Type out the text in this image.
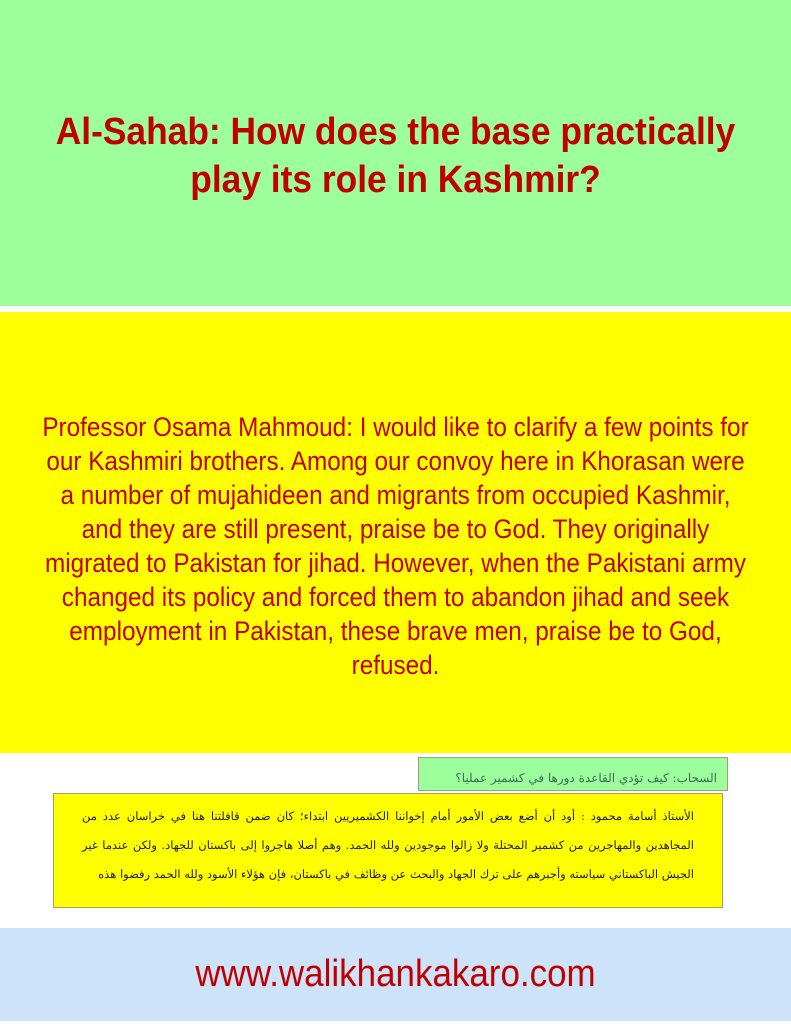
Al-Sahab: How does the base practically play its role in Kashmir?

Professor Osama Mahmoud: I would like to clarify a few points for our Kashmiri brothers. Among our convoy here in Khorasan were a number of mujahideen and migrants from occupied Kashmir, and they are still present, praise be to God. They originally migrated to Pakistan for jihad. However, when the Pakistani army changed its policy and forced them to abandon jihad and seek employment in Pakistan, these brave men, praise be to God, refused.

السحاب: كيف تؤدي القاعدة دورها في كشمير عمليا؟
الأستاذ أسامة محمود : أود أن أضع بعض الأمور أمام إخواننا الكشميريين ابتداء؛ كان ضمن قافلتنا هنا في خراسان عدد من المجاهدين والمهاجرين من كشمير المحتلة ولا زالوا موجودين ولله الحمد. وهم أصلا هاجروا إلى باكستان للجهاد. ولكن عندما غير الجيش الباكستاني سياسته وأجبرهم على ترك الجهاد والبحث عن وظائف في باكستان، فإن هؤلاء الأسود ولله الحمد رفضوا هذه

www.walikhankakaro.com
